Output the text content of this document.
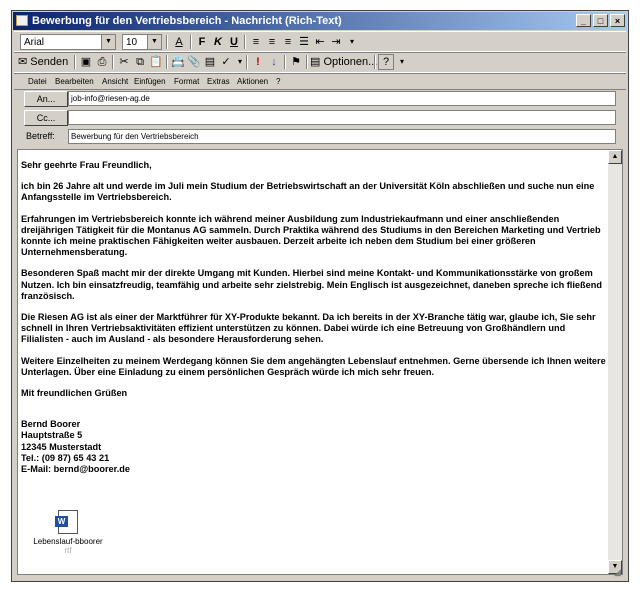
Bewerbung für den Vertriebsbereich - Nachricht (Rich-Text)	_ □ ×
Arial	▼	10	▼	A	F K U	≡ ≡ ≡ ☰ ⇤ ⇥	▾
✉ Senden ▣ ⎙	✂ ⧉ 📋 📇 📎 ▤ ✓ ▾	!	↓	⚑ ▤ Optionen... ?	▾
Datei Bearbeiten Ansicht Einfügen Format Extras Aktionen ?
An...	job-info@riesen-ag.de
Cc...
Betreff:	Bewerbung für den Vertriebsbereich

Sehr geehrte Frau Freundlich,

ich bin 26 Jahre alt und werde im Juli mein Studium der Betriebswirtschaft an der Universität Köln abschließen und suche nun eine Anfangsstelle im Vertriebsbereich.

Erfahrungen im Vertriebsbereich konnte ich während meiner Ausbildung zum Industriekaufmann und einer anschließenden dreijährigen Tätigkeit für die Montanus AG sammeln. Durch Praktika während des Studiums in den Bereichen Marketing und Vertrieb konnte ich meine praktischen Fähigkeiten weiter ausbauen. Derzeit arbeite ich neben dem Studium bei einer größeren Unternehmensberatung.

Besonderen Spaß macht mir der direkte Umgang mit Kunden. Hierbei sind meine Kontakt- und Kommunikationsstärke von großem Nutzen. Ich bin einsatzfreudig, teamfähig und arbeite sehr zielstrebig. Mein Englisch ist ausgezeichnet, daneben spreche ich fließend französisch.

Die Riesen AG ist als einer der Marktführer für XY-Produkte bekannt. Da ich bereits in der XY-Branche tätig war, glaube ich, Sie sehr schnell in Ihren Vertriebsaktivitäten effizient unterstützen zu können. Dabei würde ich eine Betreuung von Großhändlern und Filialisten - auch im Ausland - als besondere Herausforderung sehen.

Weitere Einzelheiten zu meinem Werdegang können Sie dem angehängten Lebenslauf entnehmen. Gerne übersende ich Ihnen weitere Unterlagen. Über eine Einladung zu einem persönlichen Gespräch würde ich mich sehr freuen.

Mit freundlichen Grüßen

Bernd Boorer
Hauptstraße 5
12345 Musterstadt
Tel.: (09 87) 65 43 21
E-Mail: bernd@boorer.de
W
Lebenslauf-bboorer
rtf
▲
▼
◢
